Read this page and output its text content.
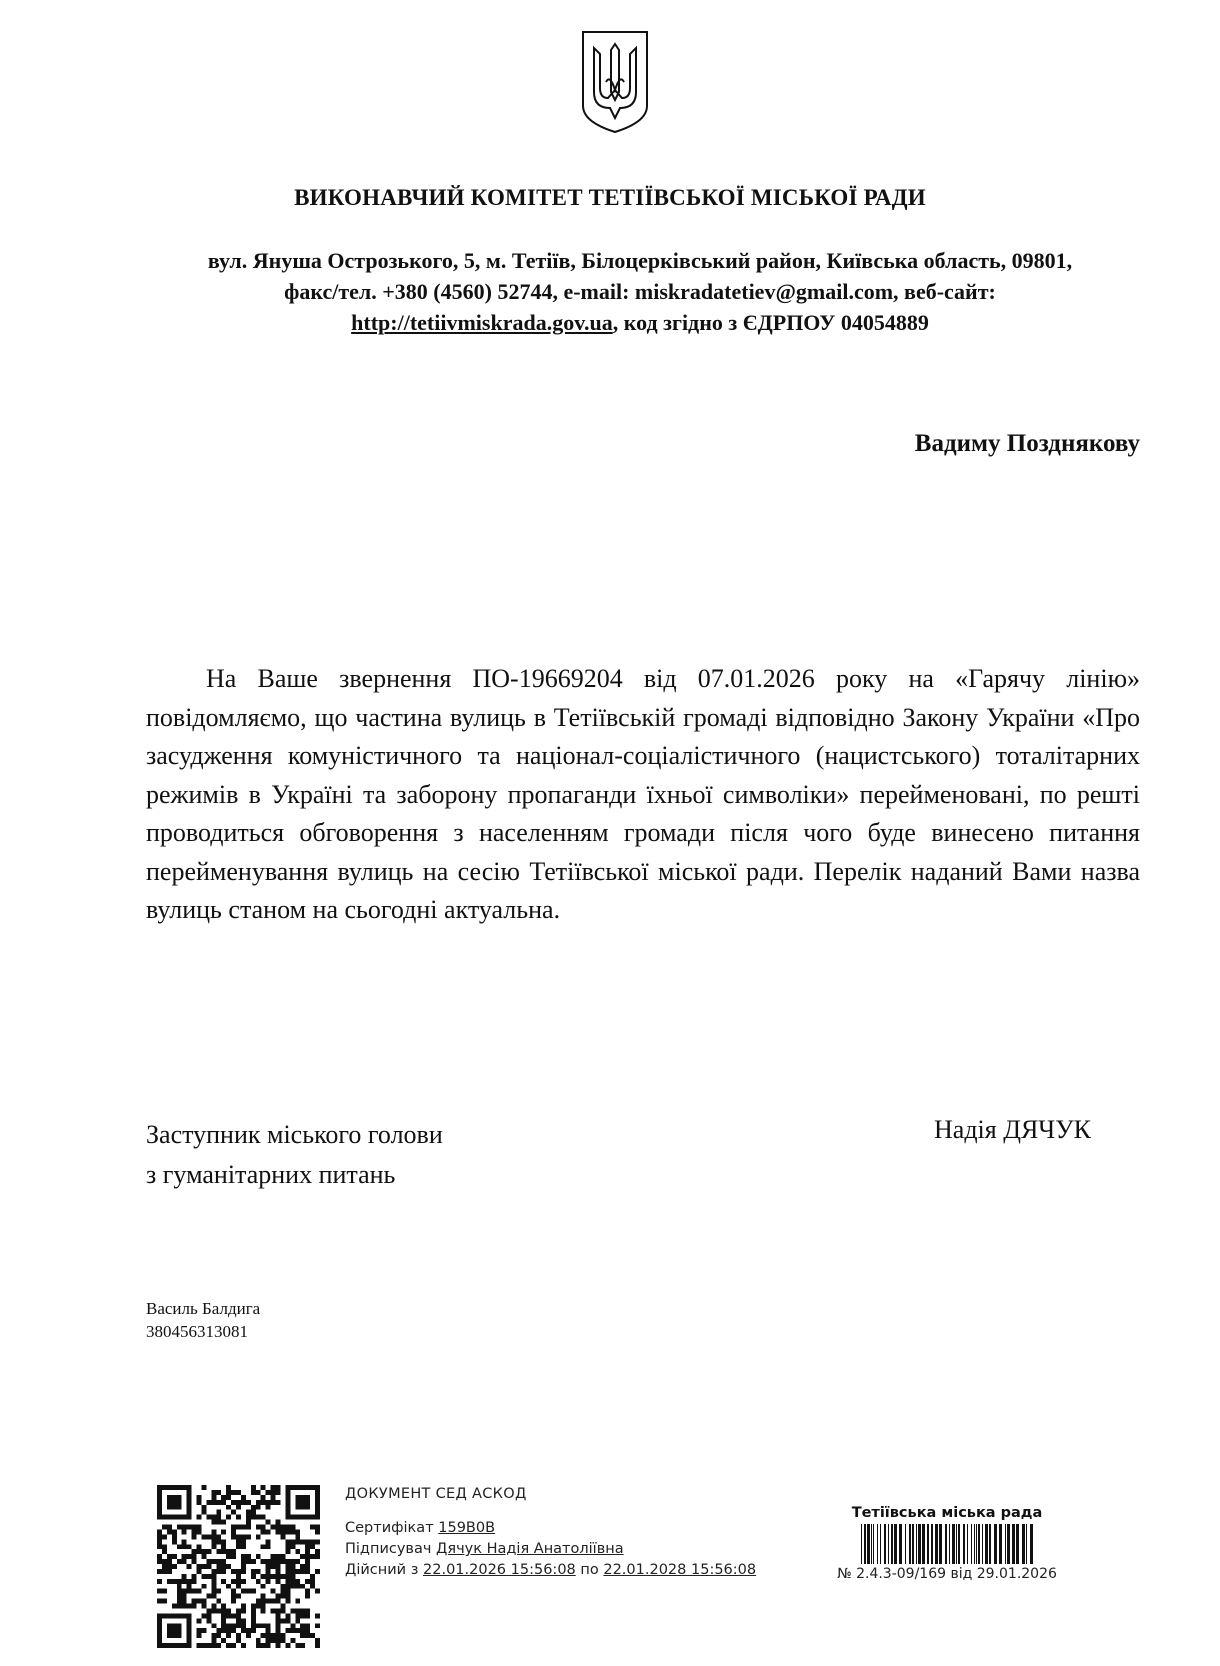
ВИКОНАВЧИЙ КОМІТЕТ ТЕТІЇВСЬКОЇ МІСЬКОЇ РАДИ
вул. Януша Острозького, 5, м. Тетіїв, Білоцерківський район, Київська область, 09801,
факс/тел. +380 (4560) 52744, e-mail: miskradatetiev@gmail.com, веб-сайт:
http://tetiivmiskrada.gov.ua, код згідно з ЄДРПОУ 04054889
Вадиму Позднякову
На Ваше звернення ПО-19669204 від 07.01.2026 року на «Гарячу лінію» повідомляємо, що частина вулиць в Тетіївській громаді відповідно Закону України «Про засудження комуністичного та націонал-соціалістичного (нацистського) тоталітарних режимів в Україні та заборону пропаганди їхньої символіки» перейменовані, по решті проводиться обговорення з населенням громади після чого буде винесено питання перейменування вулиць на сесію Тетіївської міської ради. Перелік наданий Вами назва вулиць станом на сьогодні актуальна.
Заступник міського голови
з гуманітарних питань
Надія ДЯЧУК
Василь Балдига
380456313081
ДОКУМЕНТ СЕД АСКОД
Сертифікат 159B0B
Підписувач Дячук Надія Анатоліївна
Дійсний з 22.01.2026 15:56:08 по 22.01.2028 15:56:08
Тетіївська міська рада
№ 2.4.3-09/169 від 29.01.2026
